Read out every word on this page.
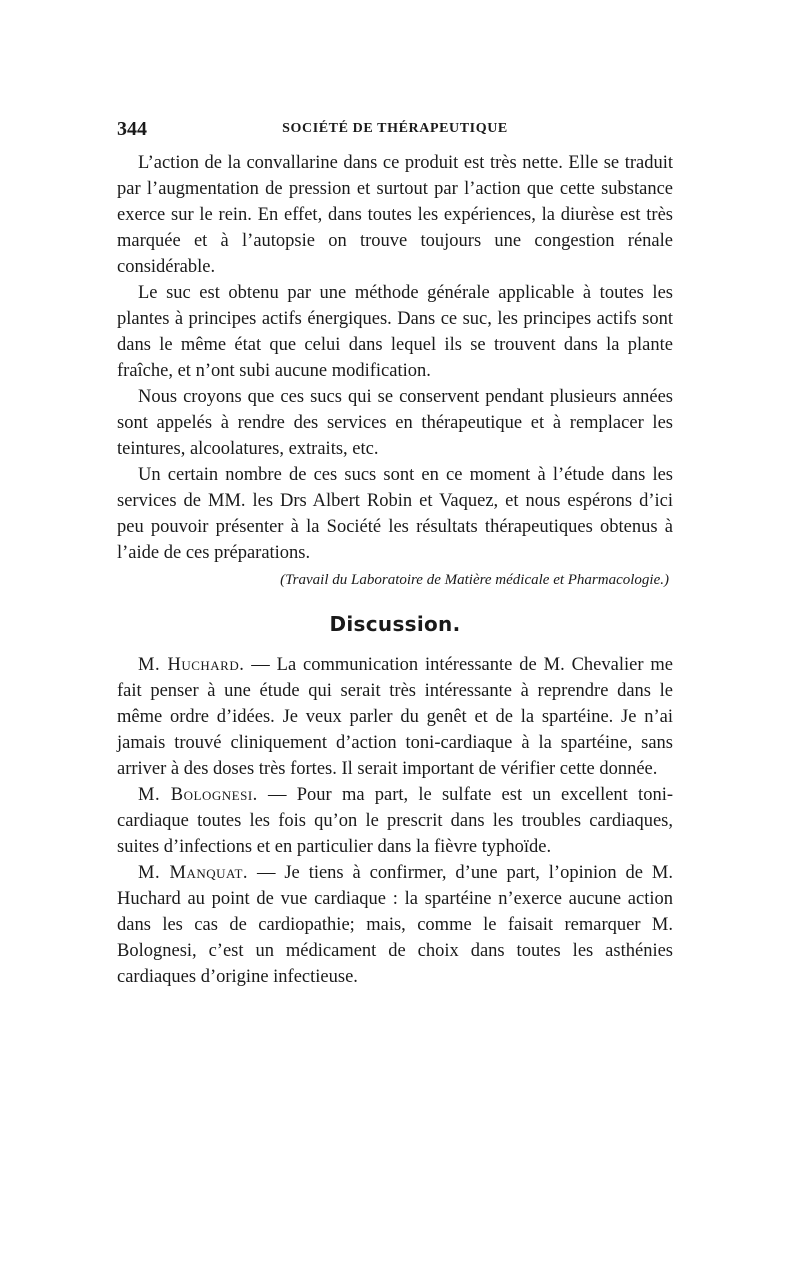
344	SOCIÉTÉ DE THÉRAPEUTIQUE

L’action de la convallarine dans ce produit est très nette. Elle se traduit par l’augmentation de pression et surtout par l’action que cette substance exerce sur le rein. En effet, dans toutes les expériences, la diurèse est très marquée et à l’autopsie on trouve toujours une congestion rénale considérable.

Le suc est obtenu par une méthode générale applicable à toutes les plantes à principes actifs énergiques. Dans ce suc, les principes actifs sont dans le même état que celui dans lequel ils se trouvent dans la plante fraîche, et n’ont subi aucune modification.

Nous croyons que ces sucs qui se conservent pendant plusieurs années sont appelés à rendre des services en thérapeutique et à remplacer les teintures, alcoolatures, extraits, etc.

Un certain nombre de ces sucs sont en ce moment à l’étude dans les services de MM. les Drs Albert Robin et Vaquez, et nous espérons d’ici peu pouvoir présenter à la Société les résultats thérapeutiques obtenus à l’aide de ces préparations.

(Travail du Laboratoire de Matière médicale et Pharmacologie.)
Discussion.

M. Huchard. — La communication intéressante de M. Chevalier me fait penser à une étude qui serait très intéressante à reprendre dans le même ordre d’idées. Je veux parler du genêt et de la spartéine. Je n’ai jamais trouvé cliniquement d’action toni-cardiaque à la spartéine, sans arriver à des doses très fortes. Il serait important de vérifier cette donnée.

M. Bolognesi. — Pour ma part, le sulfate est un excellent toni-cardiaque toutes les fois qu’on le prescrit dans les troubles cardiaques, suites d’infections et en particulier dans la fièvre typhoïde.

M. Manquat. — Je tiens à confirmer, d’une part, l’opinion de M. Huchard au point de vue cardiaque : la spartéine n’exerce aucune action dans les cas de cardiopathie; mais, comme le faisait remarquer M. Bolognesi, c’est un médicament de choix dans toutes les asthénies cardiaques d’origine infectieuse.
